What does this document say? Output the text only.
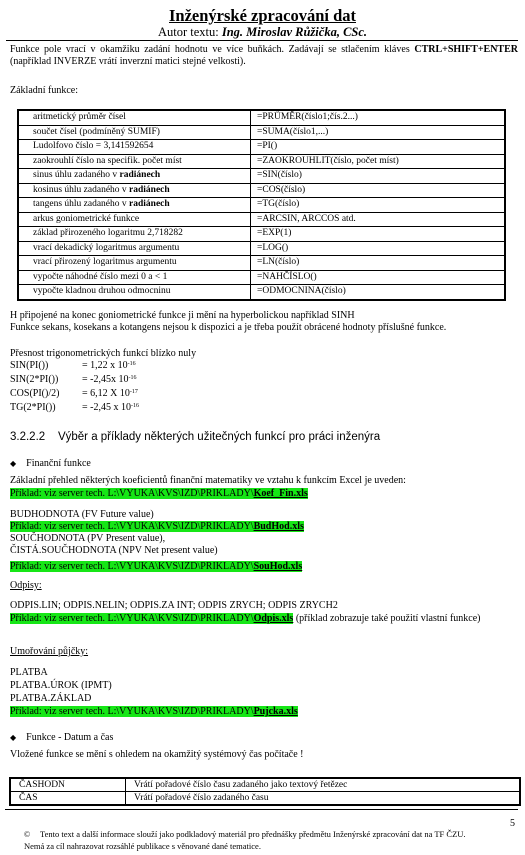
Inženýrské zpracování dat
Autor textu: Ing. Miroslav Růžička, CSc.
Funkce pole vrací v okamžiku zadání hodnotu ve více buňkách. Zadávají se stlačením kláves CTRL+SHIFT+ENTER (například INVERZE vrátí inverzní matici stejné velkosti).
Základní funkce:
aritmetický průměr čísel	=PRŮMĚR(číslo1;čís.2...)
součet čísel (podmíněný SUMIF)	=SUMA(číslo1,...)
Ludolfovo číslo = 3,141592654	=PI()
zaokrouhlí číslo na specifik. počet míst	=ZAOKROUHLIT(číslo, počet míst)
sinus úhlu zadaného v radiánech	=SIN(číslo)
kosinus úhlu zadaného v radiánech	=COS(číslo)
tangens úhlu zadaného v radiánech	=TG(číslo)
arkus goniometrické funkce	=ARCSIN, ARCCOS atd.
základ přirozeného logaritmu 2,718282	=EXP(1)
vrací dekadický logaritmus argumentu	=LOG()
vrací přirozený logaritmus argumentu	=LN(číslo)
vypočte náhodné číslo mezi 0 a < 1	=NAHČÍSLO()
vypočte kladnou druhou odmocninu	=ODMOCNINA(číslo)
H připojené na konec goniometrické funkce ji mění na hyperbolickou například SINH
Funkce sekans, kosekans a kotangens nejsou k dispozici a je třeba použít obrácené hodnoty příslušné funkce.
Přesnost trigonometrických funkcí blízko nuly
SIN(PI())	= 1,22 x $10^{-16}$
SIN(2*PI())	= -2,45x $10^{-16}$
COS(PI()/2)	= 6,12 X $10^{-17}$
TG(2*PI())	= -2,45 x $10^{-16}$
3.2.2.2 Výběr a příklady některých užitečných funkcí pro práci inženýra
◆ Finanční funkce
Základní přehled některých koeficientů finanční matematiky ve vztahu k funkcím Excel je uveden:
Příklad: viz server tech. L:\VYUKA\KVS\IZD\PRIKLADY\Koef_Fin.xls
BUDHODNOTA (FV Future value)
Příklad: viz server tech. L:\VYUKA\KVS\IZD\PRIKLADY\BudHod.xls
SOUČHODNOTA (PV Present value),
ČISTÁ.SOUČHODNOTA (NPV Net present value)
Příklad: viz server tech. L:\VYUKA\KVS\IZD\PRIKLADY\SouHod.xls
Odpisy:
ODPIS.LIN; ODPIS.NELIN; ODPIS.ZA INT; ODPIS ZRYCH; ODPIS ZRYCH2
Příklad: viz server tech. L:\VYUKA\KVS\IZD\PRIKLADY\Odpis.xls (příklad zobrazuje také použití vlastní funkce)
Umořování půjčky:
PLATBA
PLATBA.ÚROK (IPMT)
PLATBA.ZÁKLAD
Příklad: viz server tech. L:\VYUKA\KVS\IZD\PRIKLADY\Pujcka.xls
◆ Funkce - Datum a čas
Vložené funkce se mění s ohledem na okamžitý systémový čas počítače !
ČASHODN	Vrátí pořadové číslo času zadaného jako textový řetězec
ČAS	Vrátí pořadové číslo zadaného času
5
© Tento text a další informace slouží jako podkladový materiál pro přednášky předmětu Inženýrské zpracování dat na TF ČZU. Nemá za cíl nahrazovat rozsáhlé publikace s věnované dané tematice.
